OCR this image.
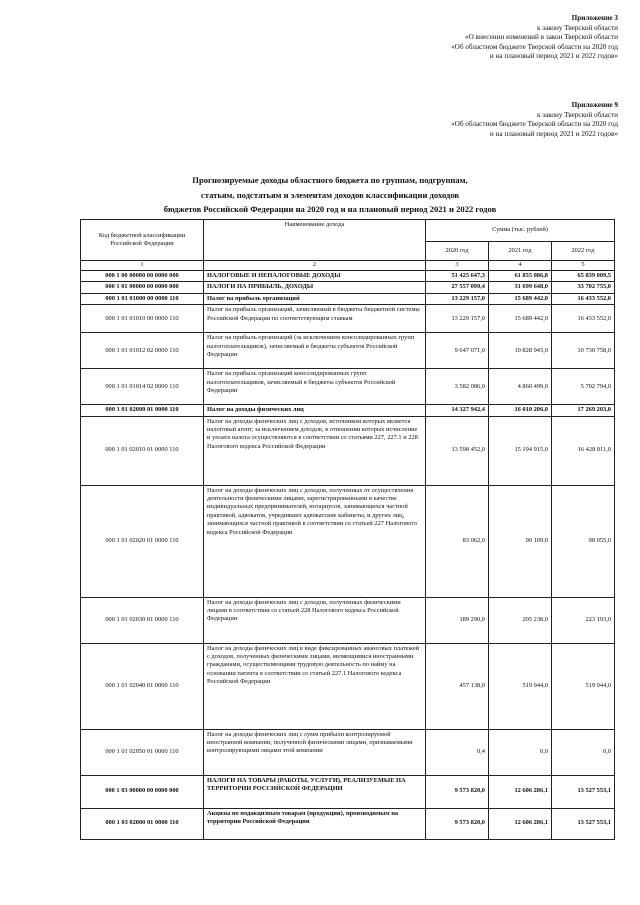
Приложение 3
к закону Тверской области
«О внесении изменений в закон Тверской области
«Об областном бюджете Тверской области на 2020 год
и на плановый период 2021 и 2022 годов»
Приложение 9
к закону Тверской области
«Об областном бюджете Тверской области на 2020 год
и на плановый период 2021 и 2022 годов»
Прогнозируемые доходы областного бюджета по группам, подгруппам,
статьям, подстатьям и элементам доходов классификации доходов
бюджетов Российской Федерации на 2020 год и на плановый период 2021 и 2022 годов
Код бюджетной классификации Российской Федерации	Наименование дохода	Сумма (тыс. рублей)		
		2020 год	2021 год	2022 год
1	2	3	4	5
000 1 00 00000 00 0000 000	НАЛОГОВЫЕ И НЕНАЛОГОВЫЕ ДОХОДЫ	51 425 647,3	61 855 086,8	65 839 009,5
000 1 01 00000 00 0000 000	НАЛОГИ НА ПРИБЫЛЬ, ДОХОДЫ	27 557 099,4	31 699 648,0	33 702 755,0
000 1 01 01000 00 0000 110	Налог на прибыль организаций	13 229 157,0	15 689 442,0	16 433 552,0
000 1 01 01010 00 0000 110	Налог на прибыль организаций, зачисляемый в бюджеты бюджетной системы Российской Федерации по соответствующим ставкам	13 229 157,0	15 689 442,0	16 433 552,0
000 1 01 01012 02 0000 110	Налог на прибыль организаций (за исключением консолидированных групп налогоплательщиков), зачисляемый в бюджеты субъектов Российской Федерации	9 647 071,0	10 828 943,0	10 730 758,0
000 1 01 01014 02 0000 110	Налог на прибыль организаций консолидированных групп налогоплательщиков, зачисляемый в бюджеты субъектов Российской Федерации	3 582 086,0	4 860 499,0	5 702 794,0
000 1 01 02000 01 0000 110	Налог на доходы физических лиц	14 327 942,4	16 010 206,0	17 269 203,0
000 1 01 02010 01 0000 110	Налог на доходы физических лиц с доходов, источником которых является налоговый агент, за исключением доходов, в отношении которых исчисление и уплата налога осуществляются в соответствии со статьями 227, 227.1 и 228 Налогового кодекса Российской Федерации	13 598 452,0	15 194 915,0	16 428 011,0
000 1 01 02020 01 0000 110	Налог на доходы физических лиц с доходов, полученных от осуществления деятельности физическими лицами, зарегистрированными в качестве индивидуальных предпринимателей, нотариусов, занимающихся частной практикой, адвокатов, учредивших адвокатские кабинеты, и других лиц, занимающихся частной практикой в соответствии со статьей 227 Налогового кодекса Российской Федерации	83 062,0	90 109,0	98 055,0
000 1 01 02030 01 0000 110	Налог на доходы физических лиц с доходов, полученных физическими лицами в соответствии со статьей 228 Налогового кодекса Российской Федерации	189 290,0	205 238,0	223 193,0
000 1 01 02040 01 0000 110	Налог на доходы физических лиц в виде фиксированных авансовых платежей с доходов, полученных физическими лицами, являющимися иностранными гражданами, осуществляющими трудовую деятельность по найму на основании патента в соответствии со статьей 227.1 Налогового кодекса Российской Федерации	457 138,0	519 944,0	519 944,0
000 1 01 02050 01 0000 110	Налог на доходы физических лиц с сумм прибыли контролируемой иностранной компании, полученной физическими лицами, признаваемыми контролирующими лицами этой компании	0,4	0,0	0,0
000 1 03 00000 00 0000 000	НАЛОГИ НА ТОВАРЫ (РАБОТЫ, УСЛУГИ), РЕАЛИЗУЕМЫЕ НА ТЕРРИТОРИИ РОССИЙСКОЙ ФЕДЕРАЦИИ	9 573 820,0	12 606 286,1	13 527 553,1
000 1 03 02000 01 0000 110	Акцизы по подакцизным товарам (продукции), производимым на территории Российской Федерации	9 573 820,0	12 606 286,1	13 527 553,1
